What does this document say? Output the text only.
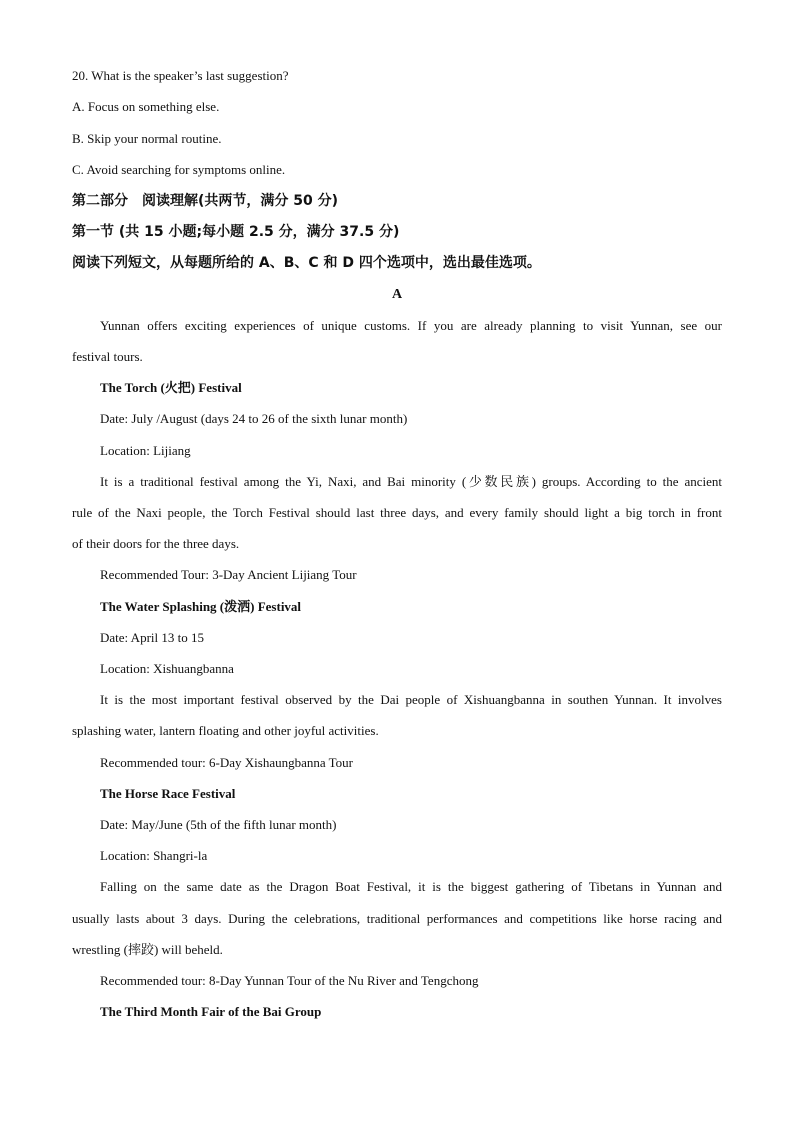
20. What is the speaker’s last suggestion?
A. Focus on something else.
B. Skip your normal routine.
C. Avoid searching for symptoms online.
第二部分　阅读理解(共两节，满分 50 分)
第一节 (共 15 小题;每小题 2.5 分，满分 37.5 分)
阅读下列短文，从每题所给的 A、B、C 和 D 四个选项中，选出最佳选项。
A
Yunnan offers exciting experiences of unique customs. If you are already planning to visit Yunnan, see our
festival tours.
The Torch (火把) Festival
Date: July /August (days 24 to 26 of the sixth lunar month)
Location: Lijiang
It is a traditional festival among the Yi, Naxi, and Bai minority (少数民族) groups. According to the ancient
rule of the Naxi people, the Torch Festival should last three days, and every family should light a big torch in front
of their doors for the three days.
Recommended Tour: 3-Day Ancient Lijiang Tour
The Water Splashing (泼洒) Festival
Date: April 13 to 15
Location: Xishuangbanna
It is the most important festival observed by the Dai people of Xishuangbanna in southen Yunnan. It involves
splashing water, lantern floating and other joyful activities.
Recommended tour: 6-Day Xishaungbanna Tour
The Horse Race Festival
Date: May/June (5th of the fifth lunar month)
Location: Shangri-la
Falling on the same date as the Dragon Boat Festival, it is the biggest gathering of Tibetans in Yunnan and
usually lasts about 3 days. During the celebrations, traditional performances and competitions like horse racing and
wrestling (摔跤) will beheld.
Recommended tour: 8-Day Yunnan Tour of the Nu River and Tengchong
The Third Month Fair of the Bai Group
